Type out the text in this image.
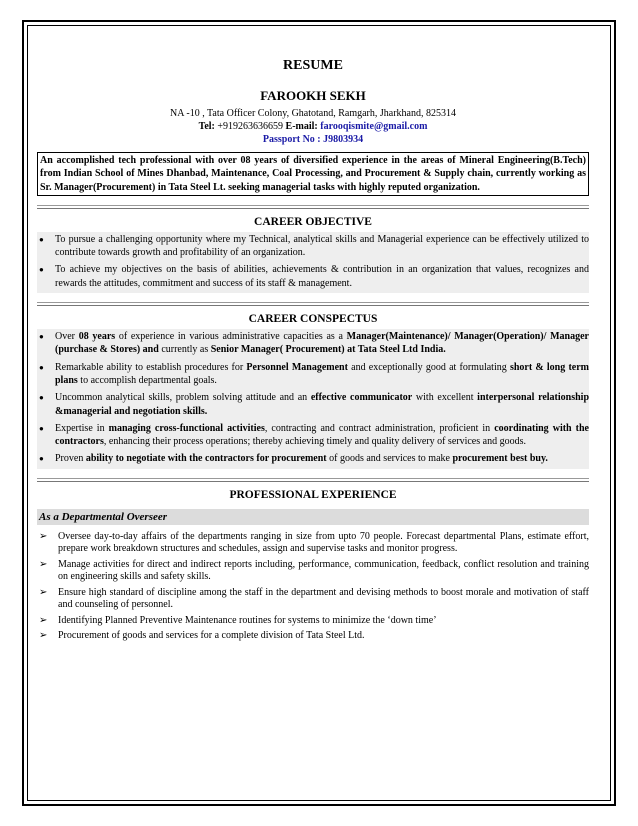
RESUME
FAROOKH SEKH
NA -10 , Tata Officer Colony, Ghatotand, Ramgarh, Jharkhand, 825314
Tel: +919263636659 E-mail: farooqismite@gmail.com
Passport No : J9803934
An accomplished tech professional with over 08 years of diversified experience in the areas of Mineral Engineering(B.Tech) from Indian School of Mines Dhanbad, Maintenance, Coal Processing, and Procurement & Supply chain, currently working as Sr. Manager(Procurement) in Tata Steel Lt. seeking managerial tasks with highly reputed organization.
CAREER OBJECTIVE
● To pursue a challenging opportunity where my Technical, analytical skills and Managerial experience can be effectively utilized to contribute towards growth and profitability of an organization.
● To achieve my objectives on the basis of abilities, achievements & contribution in an organization that values, recognizes and rewards the attitudes, commitment and success of its staff & management.
CAREER CONSPECTUS
● Over 08 years of experience in various administrative capacities as a Manager(Maintenance)/ Manager(Operation)/ Manager (purchase & Stores) and currently as Senior Manager( Procurement) at Tata Steel Ltd India.
● Remarkable ability to establish procedures for Personnel Management and exceptionally good at formulating short & long term plans to accomplish departmental goals.
● Uncommon analytical skills, problem solving attitude and an effective communicator with excellent interpersonal relationship &managerial and negotiation skills.
● Expertise in managing cross-functional activities, contracting and contract administration, proficient in coordinating with the contractors, enhancing their process operations; thereby achieving timely and quality delivery of services and goods.
● Proven ability to negotiate with the contractors for procurement of goods and services to make procurement best buy.
PROFESSIONAL EXPERIENCE
As a Departmental Overseer
➢ Oversee day-to-day affairs of the departments ranging in size from upto 70 people. Forecast departmental Plans, estimate effort, prepare work breakdown structures and schedules, assign and supervise tasks and monitor progress.
➢ Manage activities for direct and indirect reports including, performance, communication, feedback, conflict resolution and training on engineering skills and safety skills.
➢ Ensure high standard of discipline among the staff in the department and devising methods to boost morale and motivation of staff and counseling of personnel.
➢ Identifying Planned Preventive Maintenance routines for systems to minimize the ‘down time’
➢ Procurement of goods and services for a complete division of Tata Steel Ltd.
